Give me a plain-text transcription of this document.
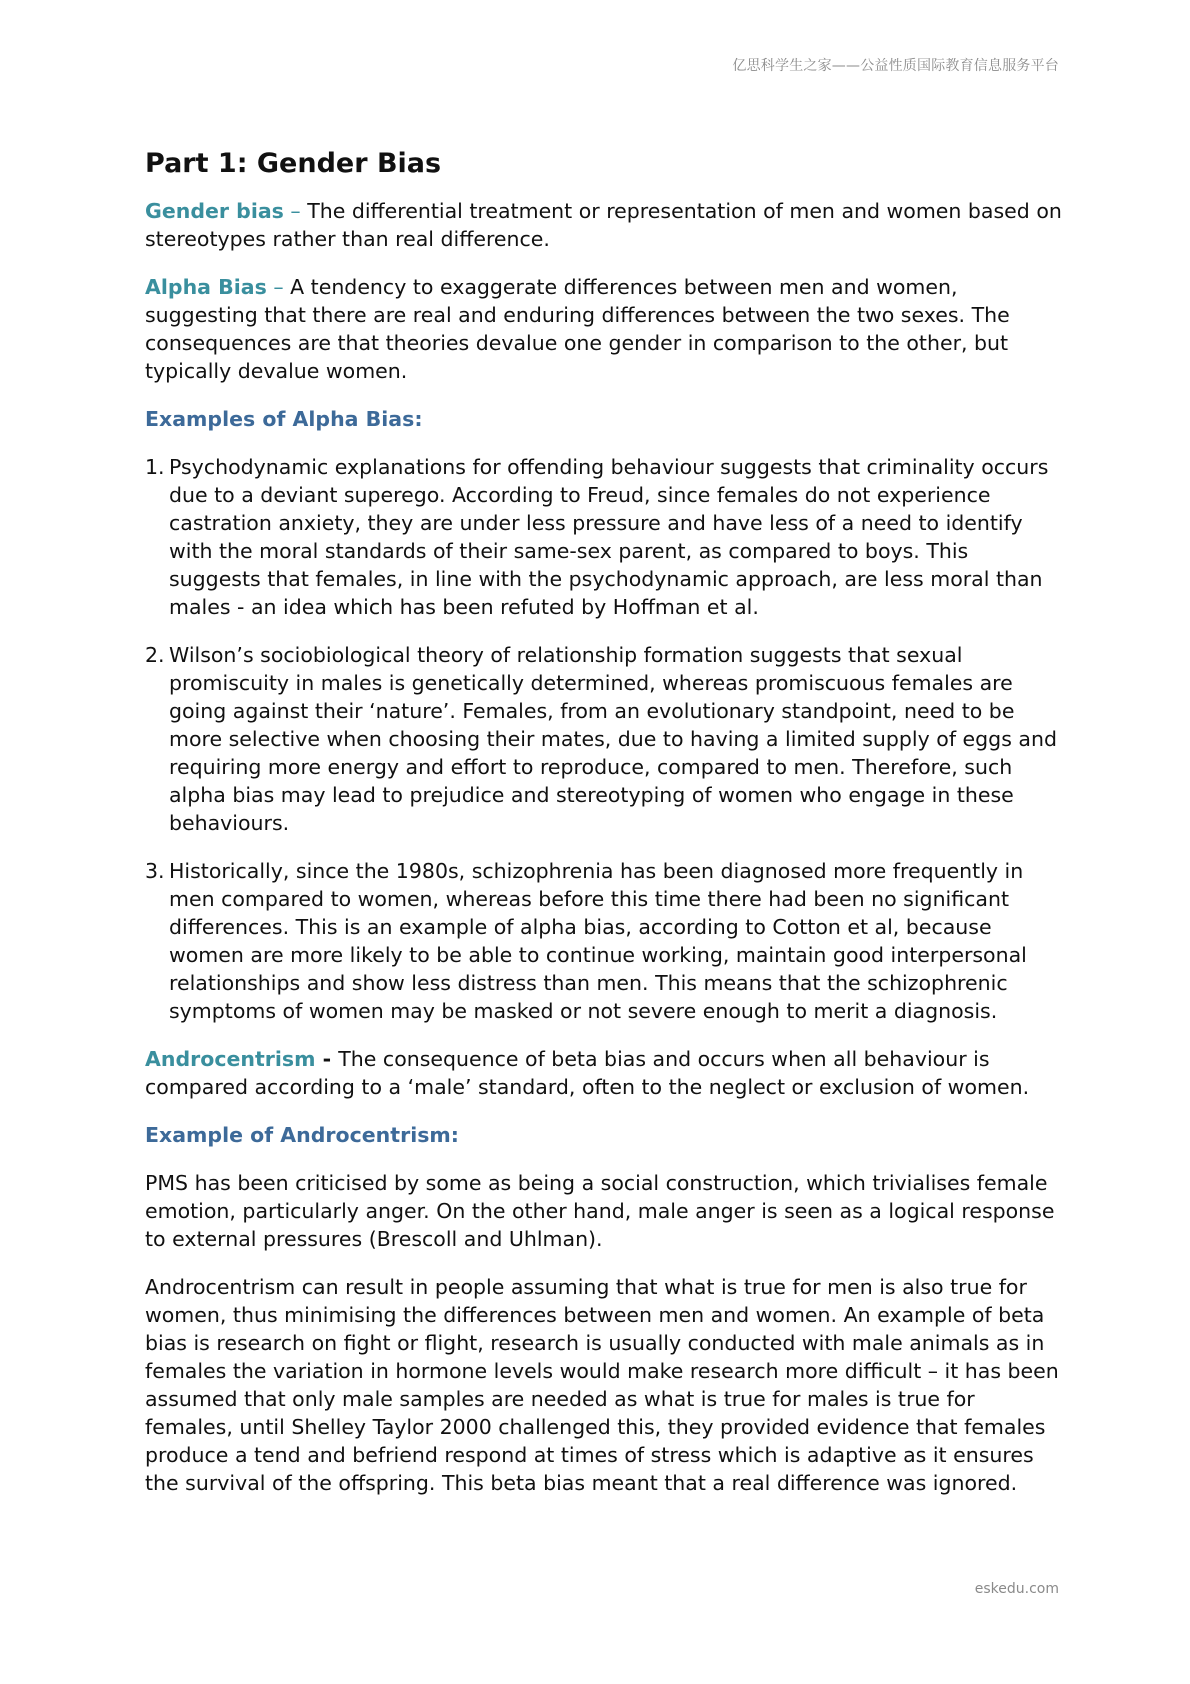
亿思科学生之家——公益性质国际教育信息服务平台
Part 1: Gender Bias

Gender bias – The differential treatment or representation of men and women based on stereotypes rather than real difference.

Alpha Bias – A tendency to exaggerate differences between men and women, suggesting that there are real and enduring differences between the two sexes. The consequences are that theories devalue one gender in comparison to the other, but typically devalue women.

Examples of Alpha Bias:
1. Psychodynamic explanations for offending behaviour suggests that criminality occurs due to a deviant superego. According to Freud, since females do not experience castration anxiety, they are under less pressure and have less of a need to identify with the moral standards of their same-sex parent, as compared to boys. This suggests that females, in line with the psychodynamic approach, are less moral than males - an idea which has been refuted by Hoffman et al.
2. Wilson’s sociobiological theory of relationship formation suggests that sexual promiscuity in males is genetically determined, whereas promiscuous females are going against their ‘nature’. Females, from an evolutionary standpoint, need to be more selective when choosing their mates, due to having a limited supply of eggs and requiring more energy and effort to reproduce, compared to men. Therefore, such alpha bias may lead to prejudice and stereotyping of women who engage in these behaviours.
3. Historically, since the 1980s, schizophrenia has been diagnosed more frequently in men compared to women, whereas before this time there had been no significant differences. This is an example of alpha bias, according to Cotton et al, because women are more likely to be able to continue working, maintain good interpersonal relationships and show less distress than men. This means that the schizophrenic symptoms of women may be masked or not severe enough to merit a diagnosis.

Androcentrism - The consequence of beta bias and occurs when all behaviour is compared according to a ‘male’ standard, often to the neglect or exclusion of women.

Example of Androcentrism:

PMS has been criticised by some as being a social construction, which trivialises female emotion, particularly anger. On the other hand, male anger is seen as a logical response to external pressures (Brescoll and Uhlman).

Androcentrism can result in people assuming that what is true for men is also true for women, thus minimising the differences between men and women. An example of beta bias is research on fight or flight, research is usually conducted with male animals as in females the variation in hormone levels would make research more difficult – it has been assumed that only male samples are needed as what is true for males is true for females, until Shelley Taylor 2000 challenged this, they provided evidence that females produce a tend and befriend respond at times of stress which is adaptive as it ensures the survival of the offspring. This beta bias meant that a real difference was ignored.

eskedu.com
